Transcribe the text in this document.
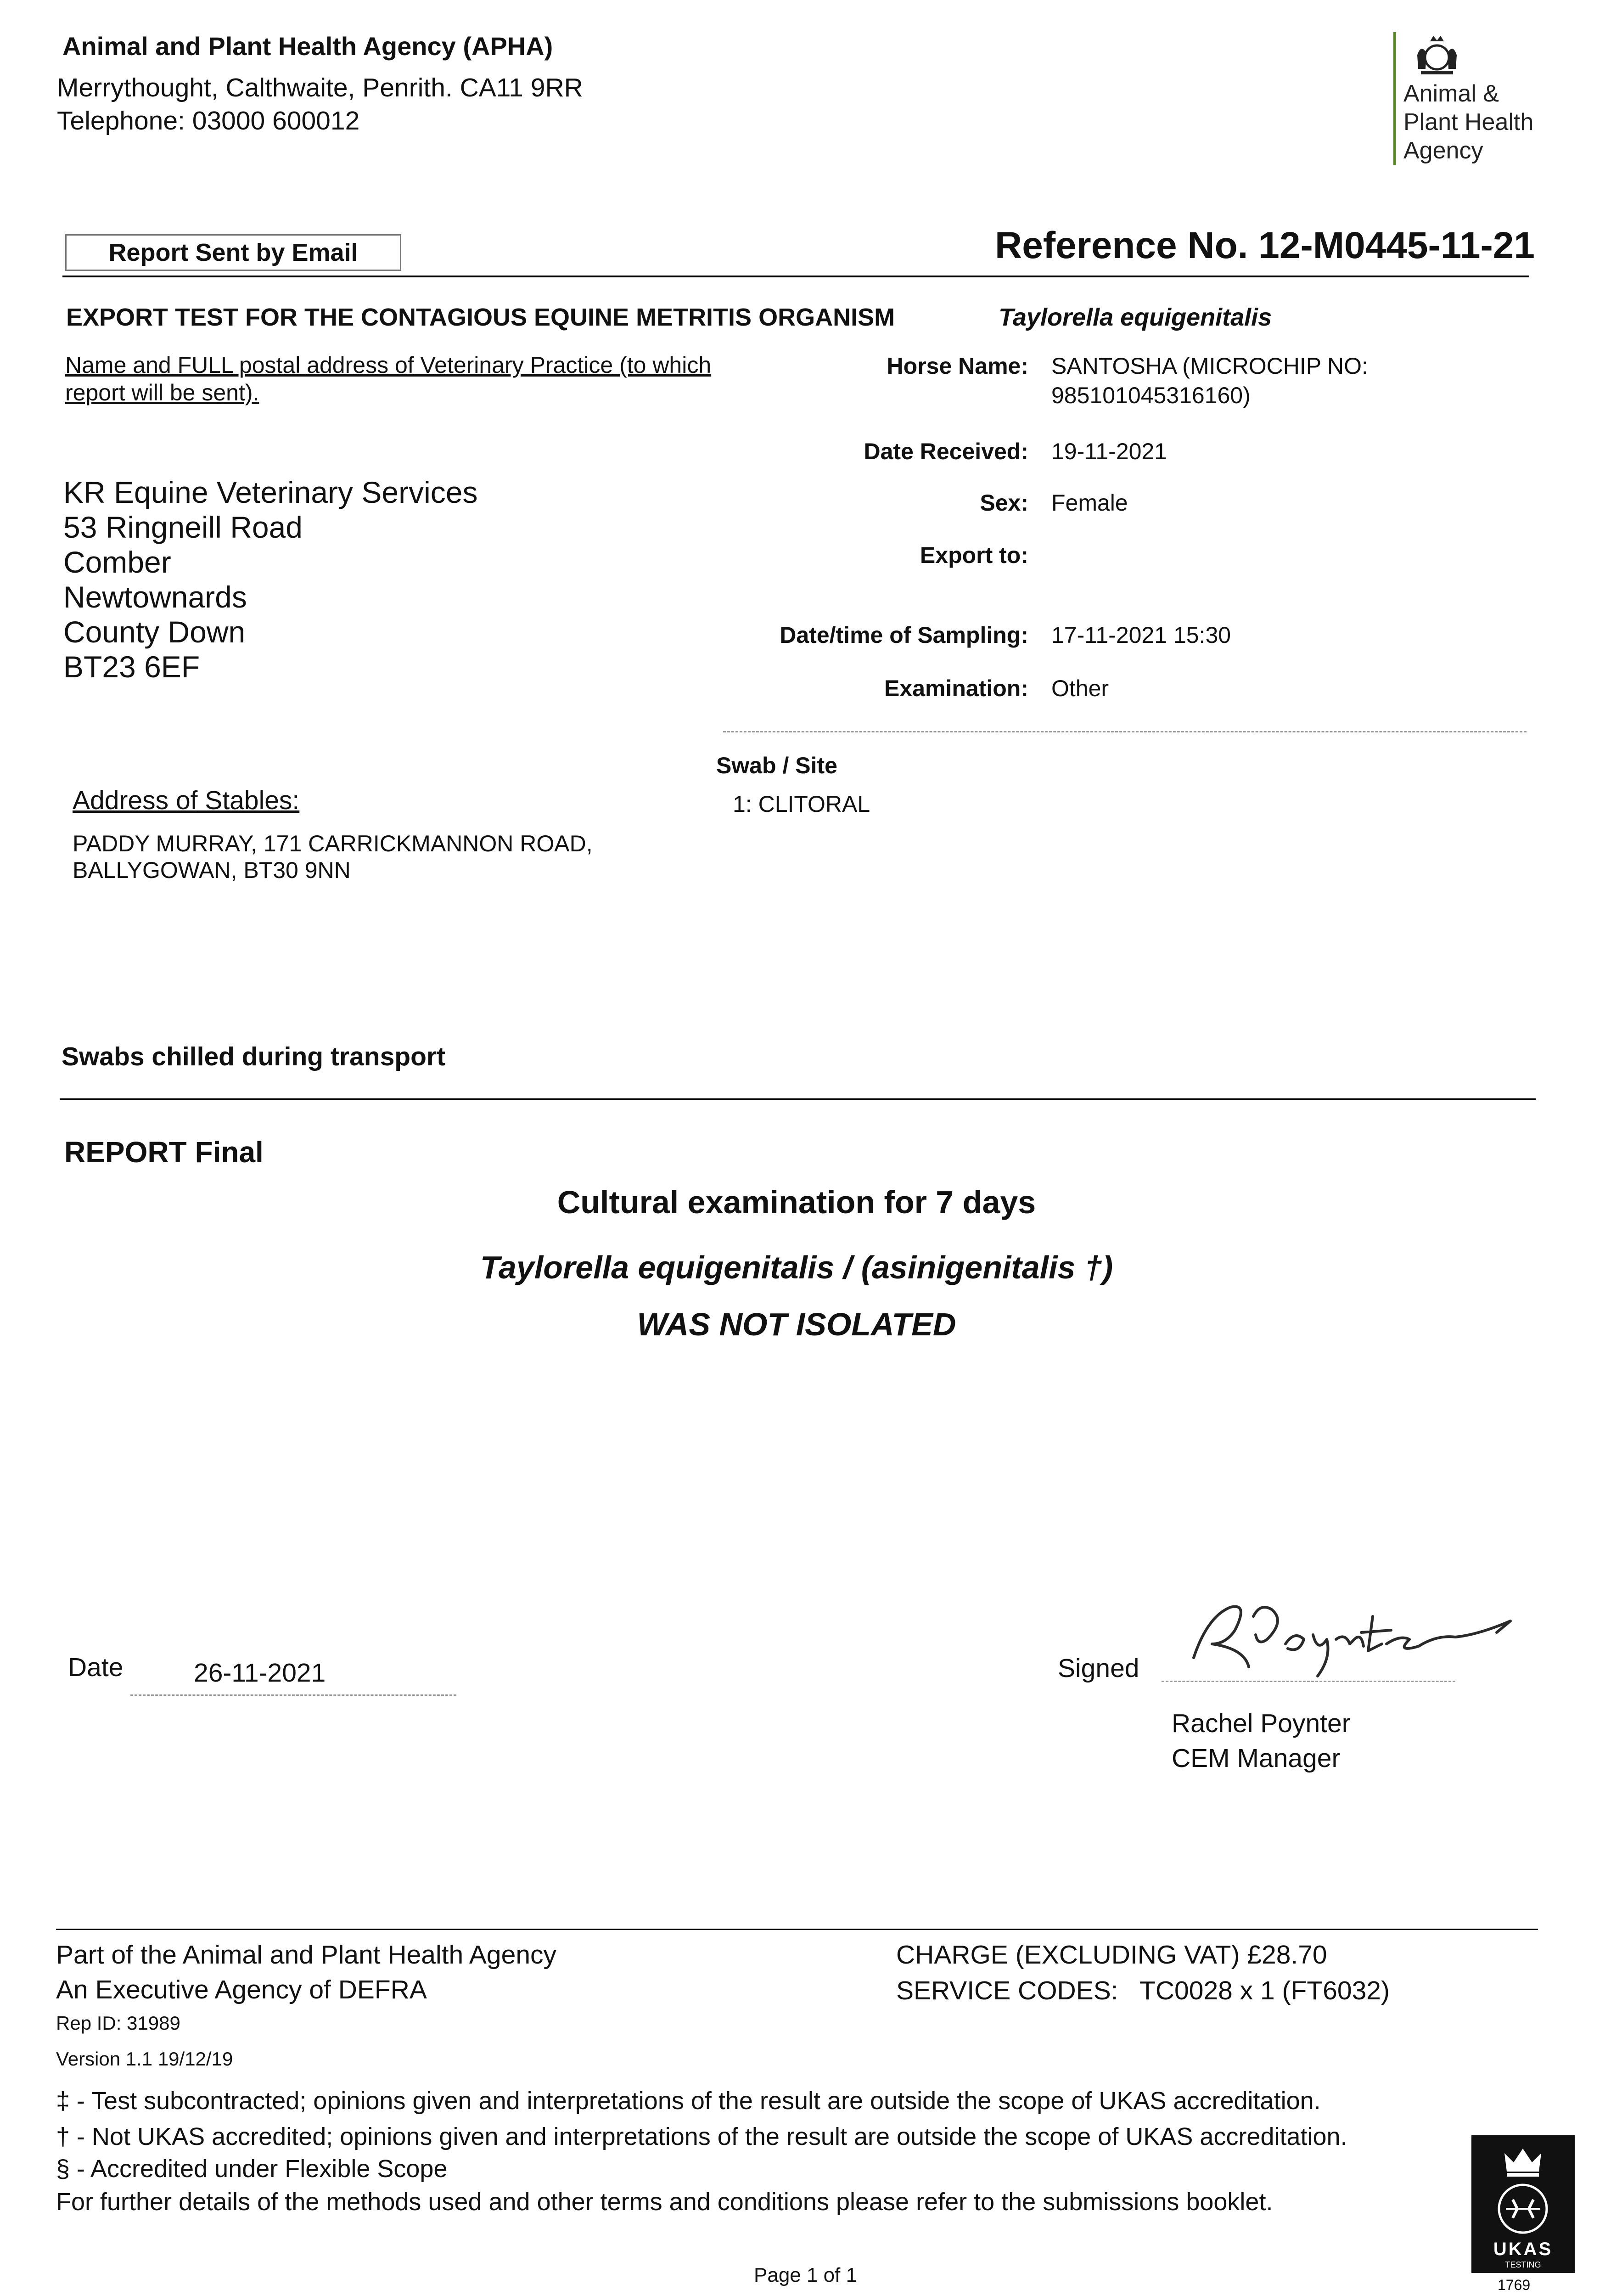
Animal and Plant Health Agency (APHA)
Merrythought, Calthwaite, Penrith. CA11 9RR
Telephone: 03000 600012
Animal &
Plant Health
Agency
Report Sent by Email	Reference No. 12-M0445-11-21
EXPORT TEST FOR THE CONTAGIOUS EQUINE METRITIS ORGANISM	Taylorella equigenitalis
Name and FULL postal address of Veterinary Practice (to which
report will be sent).
KR Equine Veterinary Services
53 Ringneill Road
Comber
Newtownards
County Down
BT23 6EF
Horse Name: SANTOSHA (MICROCHIP NO:
985101045316160)
Date Received: 19-11-2021
Sex: Female
Export to:
Date/time of Sampling: 17-11-2021 15:30
Examination: Other
Swab / Site
1: CLITORAL
Address of Stables:
PADDY MURRAY, 171 CARRICKMANNON ROAD,
BALLYGOWAN, BT30 9NN
Swabs chilled during transport
REPORT Final
Cultural examination for 7 days
Taylorella equigenitalis / (asinigenitalis †)
WAS NOT ISOLATED
Date	26-11-2021	Signed
Rachel Poynter
CEM Manager
Part of the Animal and Plant Health Agency
An Executive Agency of DEFRA
Rep ID: 31989
Version 1.1 19/12/19
CHARGE (EXCLUDING VAT) £28.70
SERVICE CODES:   TC0028 x 1 (FT6032)
‡ - Test subcontracted; opinions given and interpretations of the result are outside the scope of UKAS accreditation.
† - Not UKAS accredited; opinions given and interpretations of the result are outside the scope of UKAS accreditation.
§ - Accredited under Flexible Scope
For further details of the methods used and other terms and conditions please refer to the submissions booklet.
Page 1 of 1
UKAS
TESTING
1769
